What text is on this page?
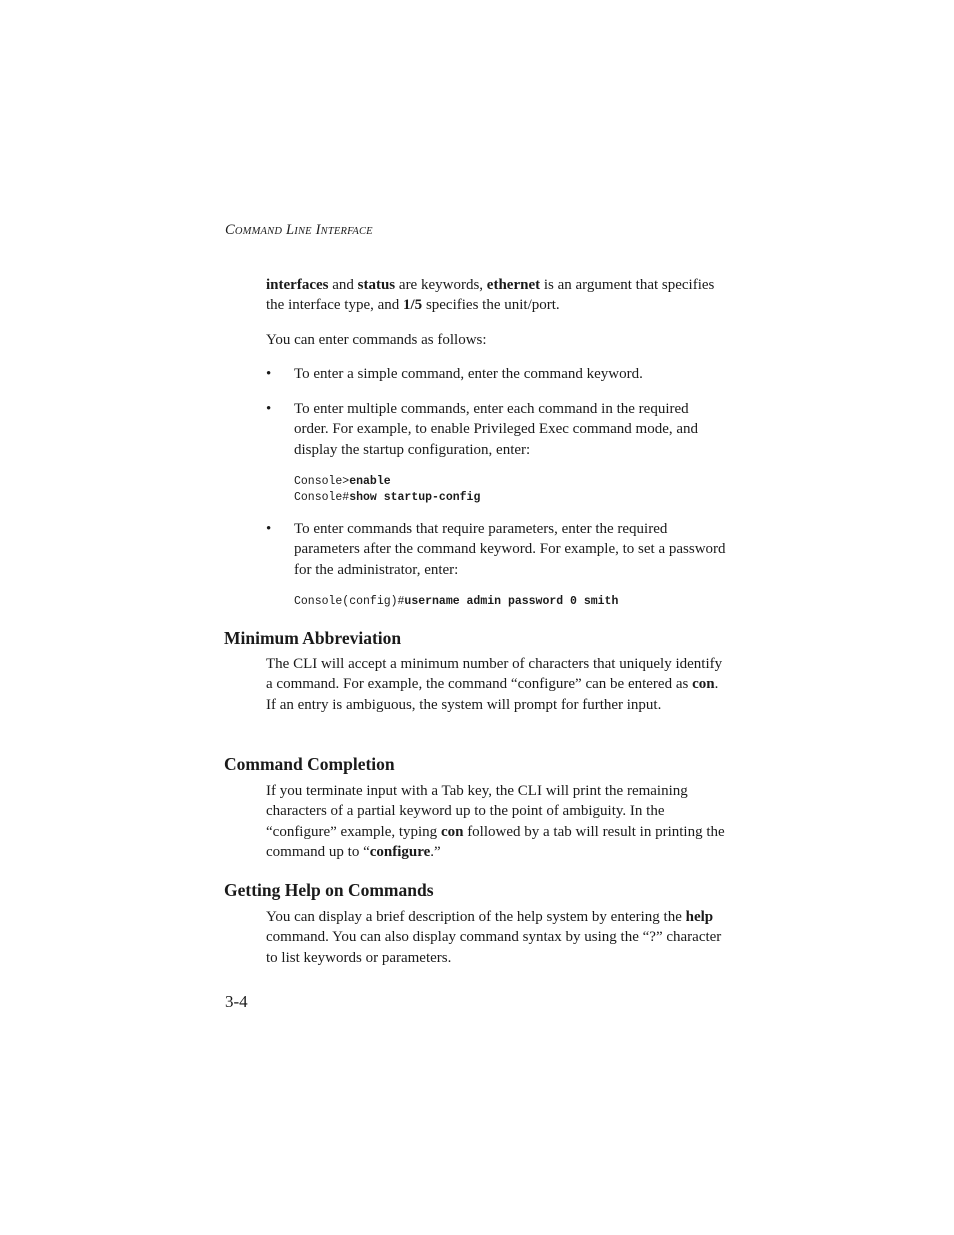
COMMAND LINE INTERFACE

interfaces and status are keywords, ethernet is an argument that specifies the interface type, and 1/5 specifies the unit/port.

You can enter commands as follows:

• To enter a simple command, enter the command keyword.
• To enter multiple commands, enter each command in the required order. For example, to enable Privileged Exec command mode, and display the startup configuration, enter:
Console>enable
Console#show startup-config
• To enter commands that require parameters, enter the required parameters after the command keyword. For example, to set a password for the administrator, enter:
Console(config)#username admin password 0 smith
Minimum Abbreviation

The CLI will accept a minimum number of characters that uniquely identify a command. For example, the command “configure” can be entered as con. If an entry is ambiguous, the system will prompt for further input.

Command Completion

If you terminate input with a Tab key, the CLI will print the remaining characters of a partial keyword up to the point of ambiguity. In the “configure” example, typing con followed by a tab will result in printing the command up to “configure.”

Getting Help on Commands

You can display a brief description of the help system by entering the help command. You can also display command syntax by using the “?” character to list keywords or parameters.

3-4
